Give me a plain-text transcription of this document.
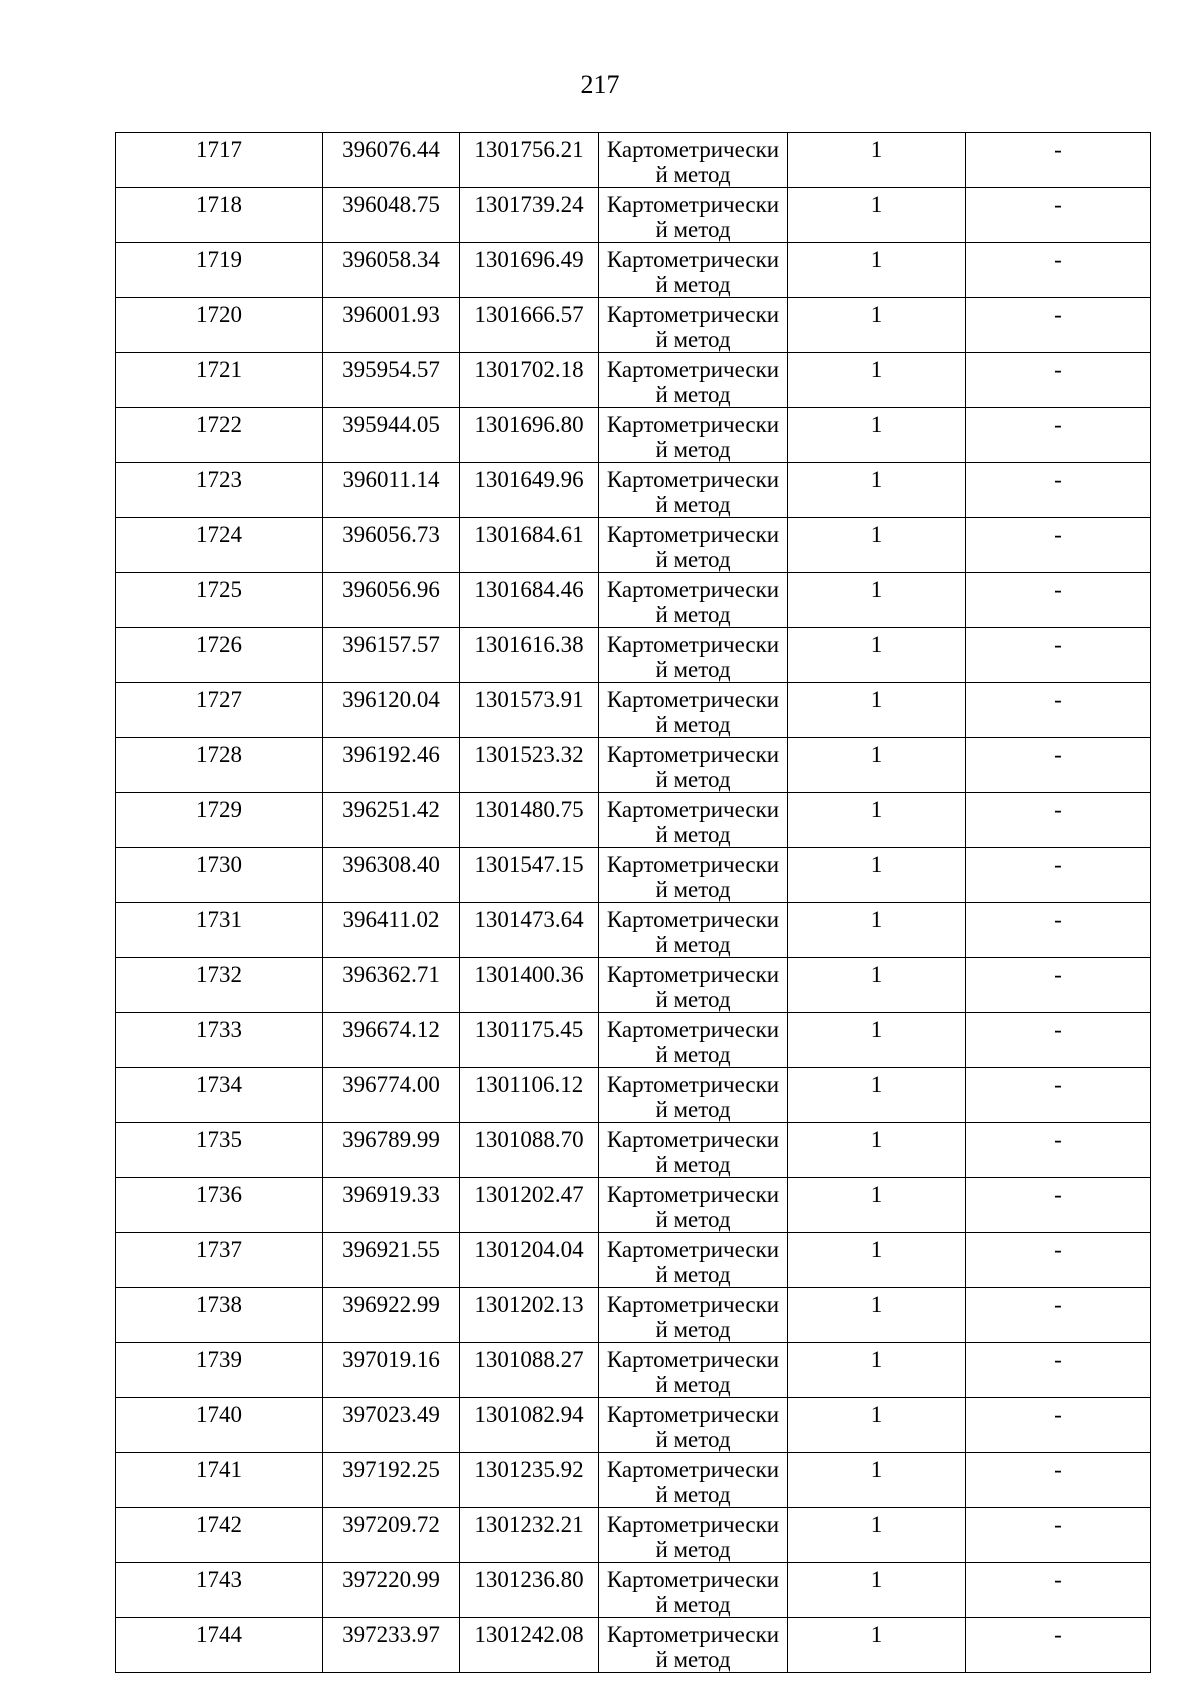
217
1717	396076.44	1301756.21	Картометрический метод	1	-

1718	396048.75	1301739.24	Картометрический метод	1	-

1719	396058.34	1301696.49	Картометрический метод	1	-

1720	396001.93	1301666.57	Картометрический метод	1	-

1721	395954.57	1301702.18	Картометрический метод	1	-

1722	395944.05	1301696.80	Картометрический метод	1	-

1723	396011.14	1301649.96	Картометрический метод	1	-

1724	396056.73	1301684.61	Картометрический метод	1	-

1725	396056.96	1301684.46	Картометрический метод	1	-

1726	396157.57	1301616.38	Картометрический метод	1	-

1727	396120.04	1301573.91	Картометрический метод	1	-

1728	396192.46	1301523.32	Картометрический метод	1	-

1729	396251.42	1301480.75	Картометрический метод	1	-

1730	396308.40	1301547.15	Картометрический метод	1	-

1731	396411.02	1301473.64	Картометрический метод	1	-

1732	396362.71	1301400.36	Картометрический метод	1	-

1733	396674.12	1301175.45	Картометрический метод	1	-

1734	396774.00	1301106.12	Картометрический метод	1	-

1735	396789.99	1301088.70	Картометрический метод	1	-

1736	396919.33	1301202.47	Картометрический метод	1	-

1737	396921.55	1301204.04	Картометрический метод	1	-

1738	396922.99	1301202.13	Картометрический метод	1	-

1739	397019.16	1301088.27	Картометрический метод	1	-

1740	397023.49	1301082.94	Картометрический метод	1	-

1741	397192.25	1301235.92	Картометрический метод	1	-

1742	397209.72	1301232.21	Картометрический метод	1	-

1743	397220.99	1301236.80	Картометрический метод	1	-

1744	397233.97	1301242.08	Картометрический метод	1	-
